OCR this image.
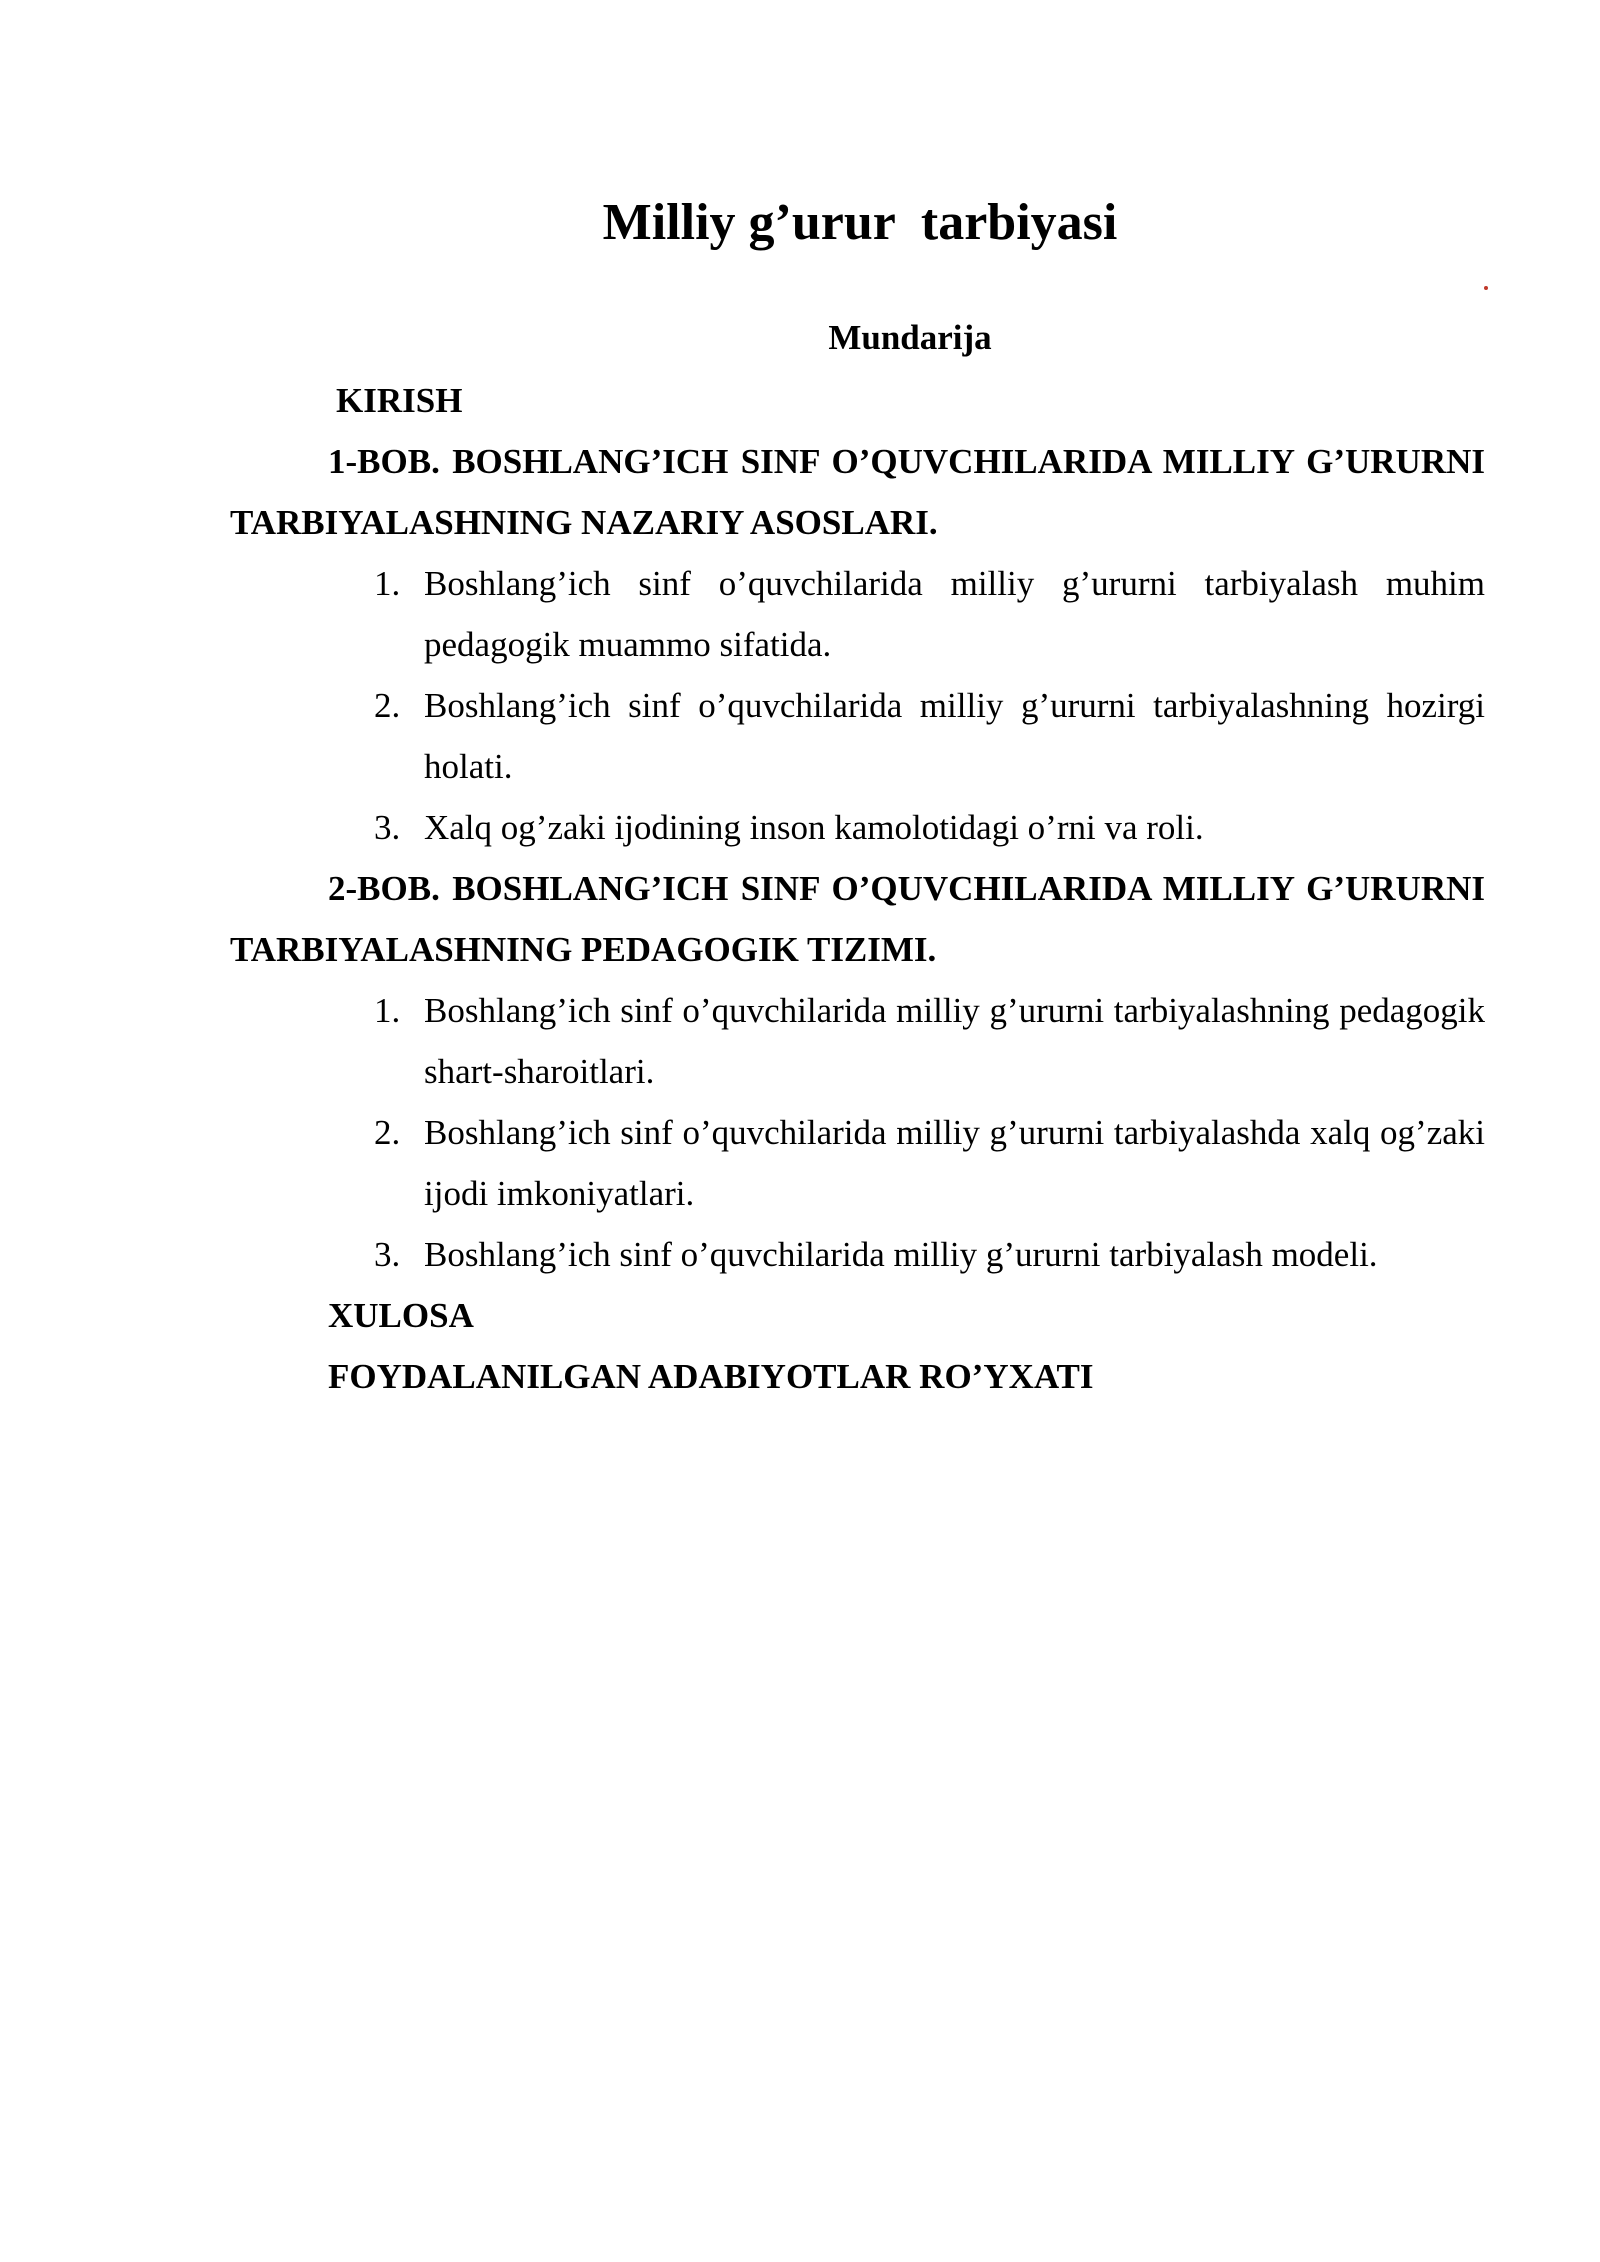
Milliy g’urur  tarbiyasi
Mundarija
KIRISH
1-BOB. BOSHLANG’ICH SINF O’QUVCHILARIDA MILLIY G’URURNI TARBIYALASHNING NAZARIY ASOSLARI.
1. Boshlang’ich sinf o’quvchilarida milliy g’ururni tarbiyalash muhim pedagogik muammo sifatida.
2. Boshlang’ich sinf o’quvchilarida milliy g’ururni tarbiyalashning hozirgi holati.
3. Xalq og’zaki ijodining inson kamolotidagi o’rni va roli.
2-BOB. BOSHLANG’ICH SINF O’QUVCHILARIDA MILLIY G’URURNI TARBIYALASHNING PEDAGOGIK TIZIMI.
1. Boshlang’ich sinf o’quvchilarida milliy g’ururni tarbiyalashning pedagogik shart-sharoitlari.
2. Boshlang’ich sinf o’quvchilarida milliy g’ururni tarbiyalashda xalq og’zaki ijodi imkoniyatlari.
3. Boshlang’ich sinf o’quvchilarida milliy g’ururni tarbiyalash modeli.
XULOSA
FOYDALANILGAN ADABIYOTLAR RO’YXATI
